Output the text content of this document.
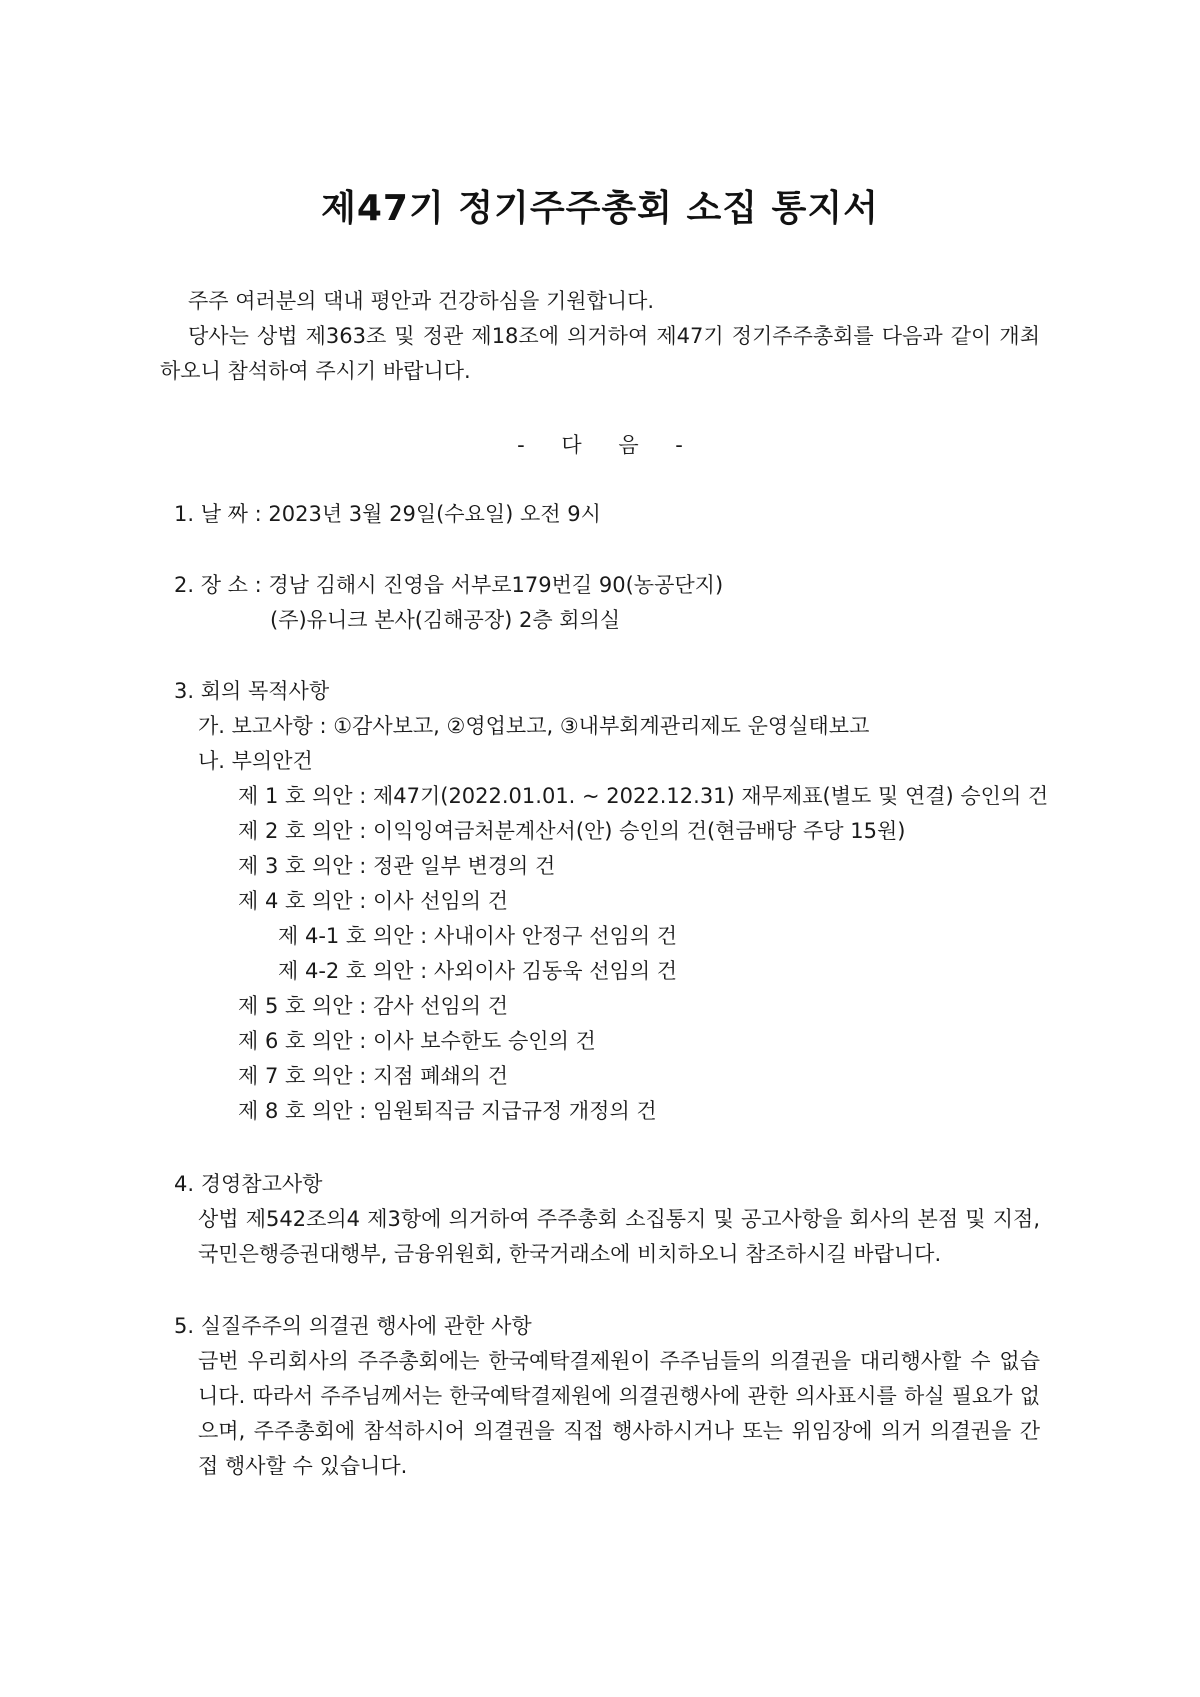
제47기 정기주주총회 소집 통지서
주주 여러분의 댁내 평안과 건강하심을 기원합니다.
당사는 상법 제363조 및 정관 제18조에 의거하여 제47기 정기주주총회를 다음과 같이 개최하오니 참석하여 주시기 바랍니다.
- 다 음 -
1. 날 짜 : 2023년 3월 29일(수요일) 오전 9시
2. 장 소 : 경남 김해시 진영읍 서부로179번길 90(농공단지)
(주)유니크 본사(김해공장) 2층 회의실
3. 회의 목적사항
가. 보고사항 : ①감사보고, ②영업보고, ③내부회계관리제도 운영실태보고
나. 부의안건
제 1 호 의안 : 제47기(2022.01.01. ~ 2022.12.31) 재무제표(별도 및 연결) 승인의 건
제 2 호 의안 : 이익잉여금처분계산서(안) 승인의 건(현금배당 주당 15원)
제 3 호 의안 : 정관 일부 변경의 건
제 4 호 의안 : 이사 선임의 건
제 4-1 호 의안 : 사내이사 안정구 선임의 건
제 4-2 호 의안 : 사외이사 김동욱 선임의 건
제 5 호 의안 : 감사 선임의 건
제 6 호 의안 : 이사 보수한도 승인의 건
제 7 호 의안 : 지점 폐쇄의 건
제 8 호 의안 : 임원퇴직금 지급규정 개정의 건
4. 경영참고사항
상법 제542조의4 제3항에 의거하여 주주총회 소집통지 및 공고사항을 회사의 본점 및 지점, 국민은행증권대행부, 금융위원회, 한국거래소에 비치하오니 참조하시길 바랍니다.
5. 실질주주의 의결권 행사에 관한 사항
금번 우리회사의 주주총회에는 한국예탁결제원이 주주님들의 의결권을 대리행사할 수 없습니다. 따라서 주주님께서는 한국예탁결제원에 의결권행사에 관한 의사표시를 하실 필요가 없으며, 주주총회에 참석하시어 의결권을 직접 행사하시거나 또는 위임장에 의거 의결권을 간접 행사할 수 있습니다.
